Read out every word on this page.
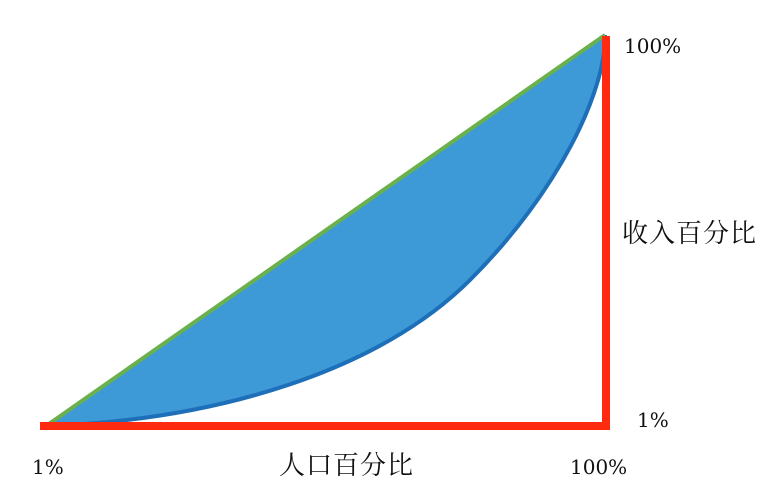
1%	人口百分比	100%
100%
收入百分比
1%
